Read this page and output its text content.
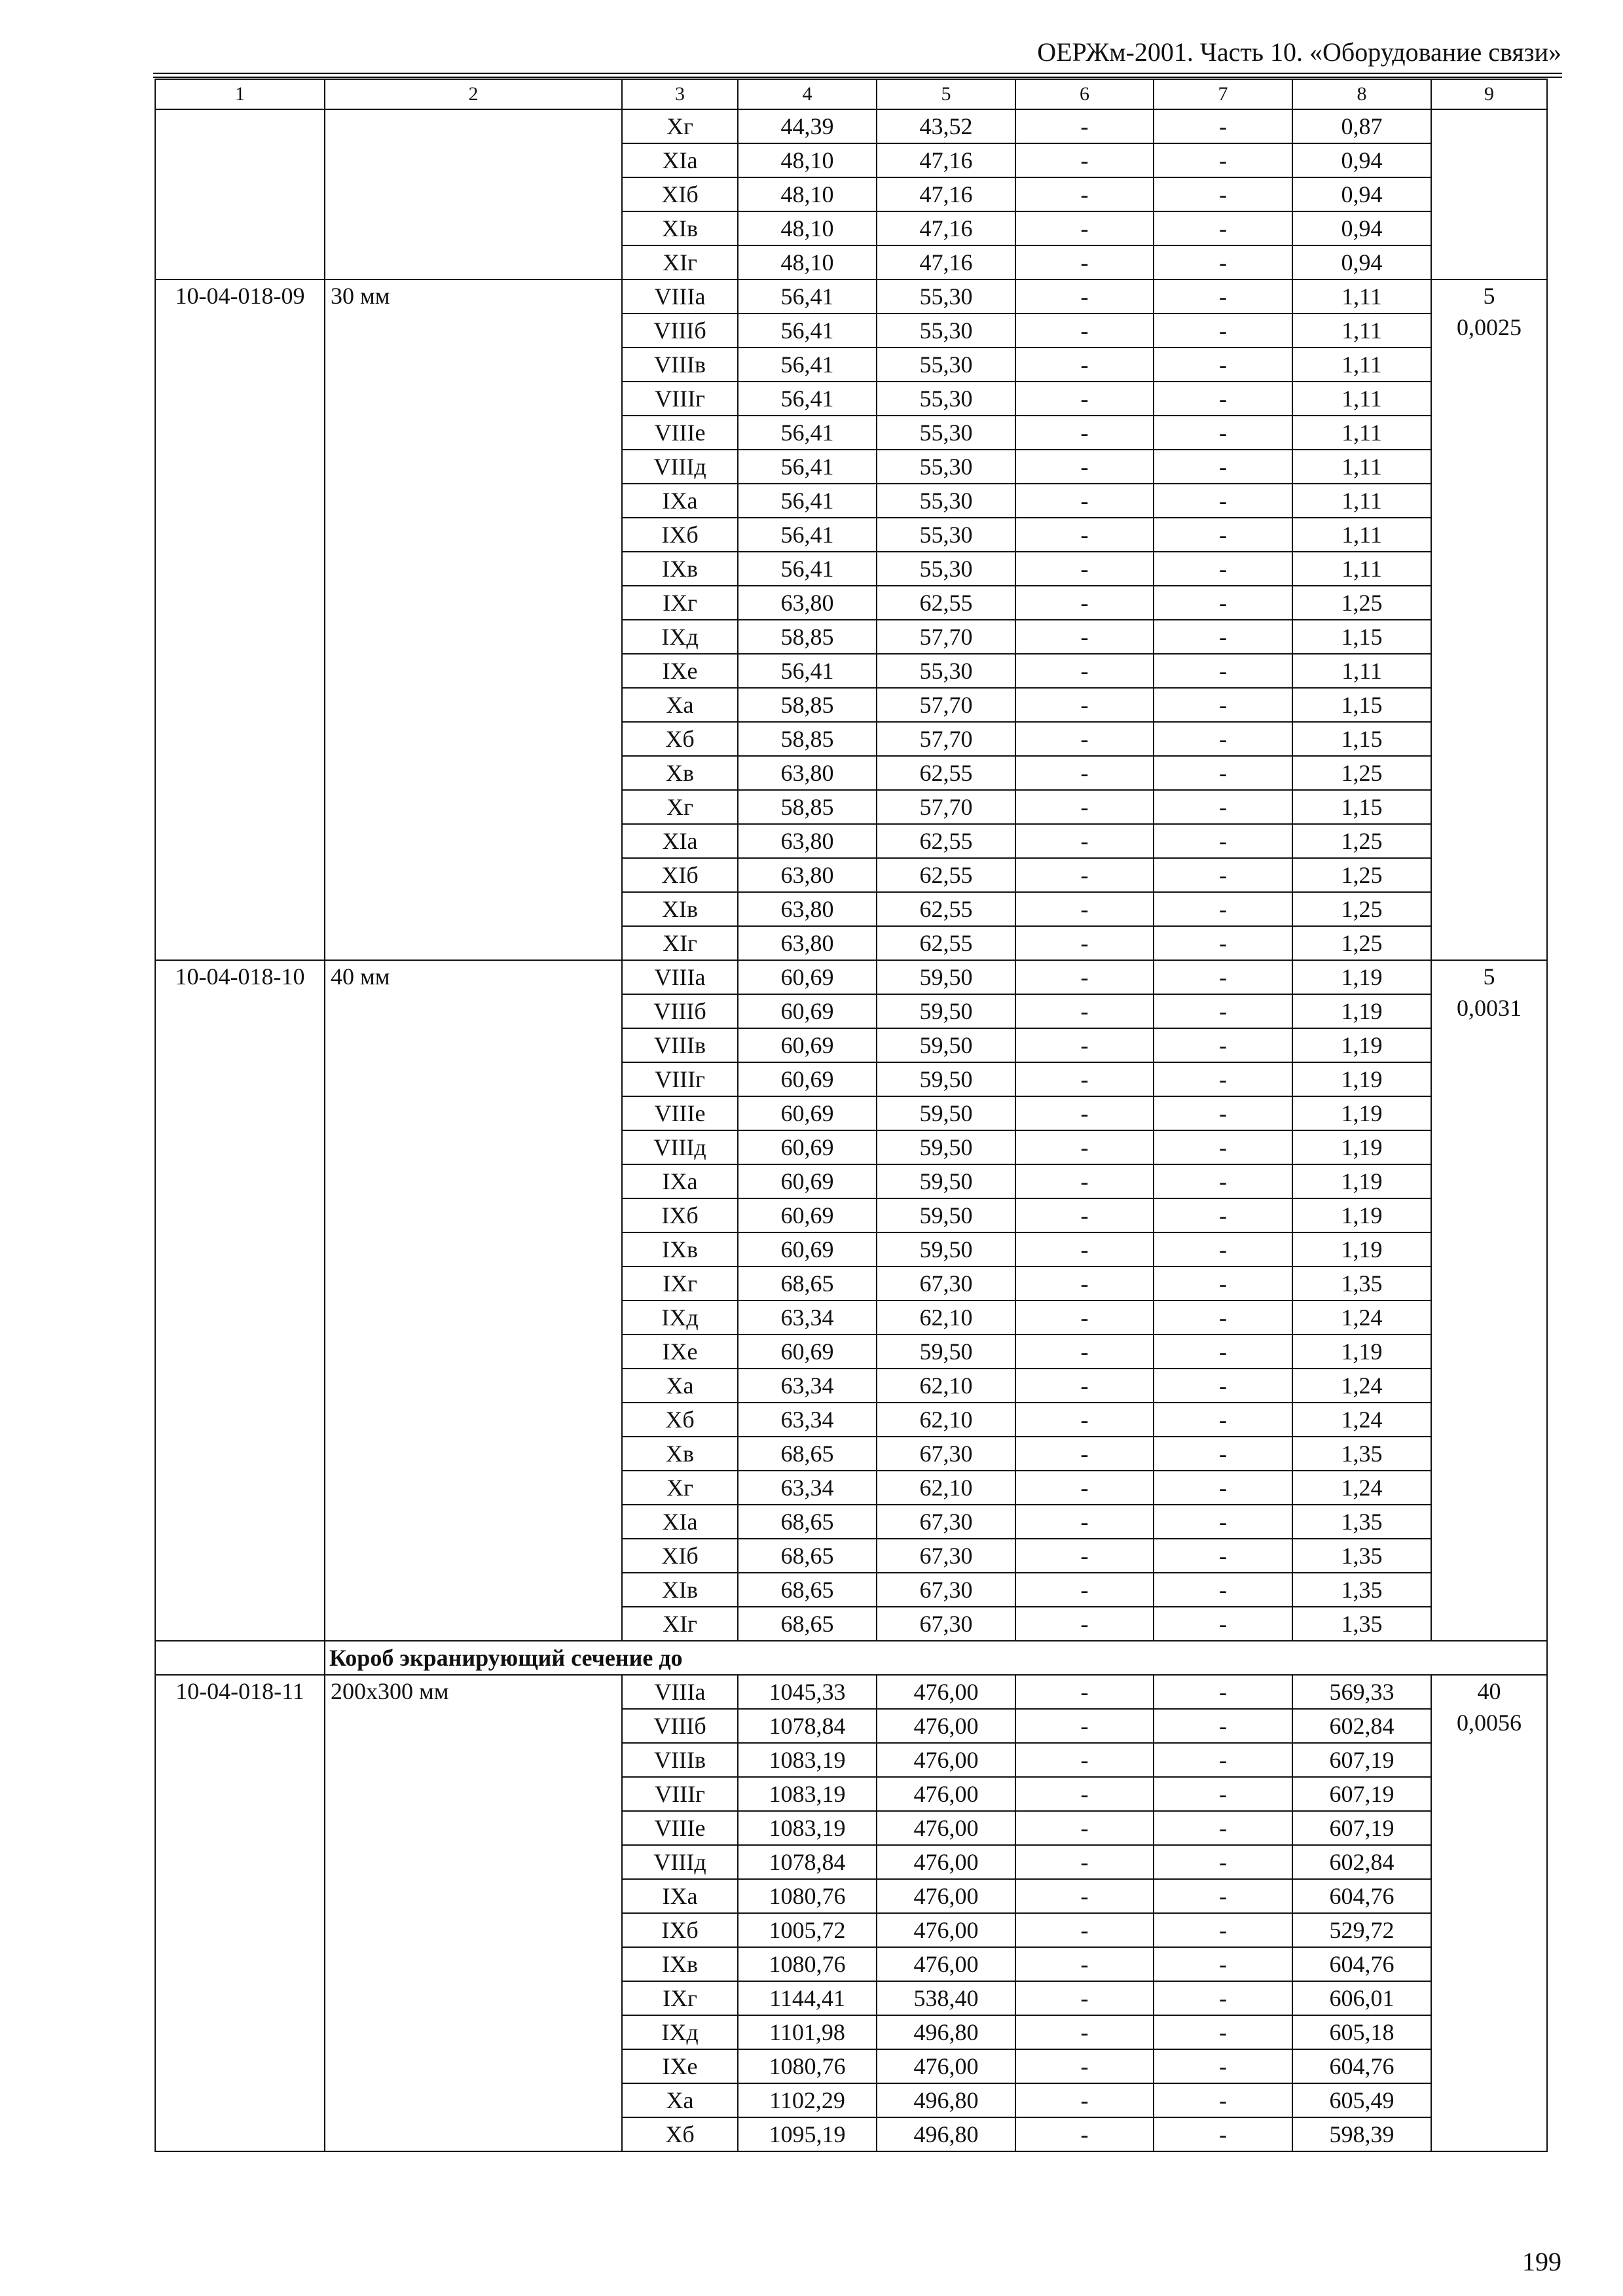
ОЕРЖм-2001. Часть 10. «Оборудование связи»
1	2	3	4	5	6	7	8	9
		Xг	44,39	43,52	-	-	0,87	
		XIа	48,10	47,16	-	-	0,94	
		XIб	48,10	47,16	-	-	0,94	
		XIв	48,10	47,16	-	-	0,94	
		XIг	48,10	47,16	-	-	0,94	
10-04-018-09	30 мм	VIIIа	56,41	55,30	-	-	1,11	5
0,0025

		VIIIб	56,41	55,30	-	-	1,11	
		VIIIв	56,41	55,30	-	-	1,11	
		VIIIг	56,41	55,30	-	-	1,11	
		VIIIе	56,41	55,30	-	-	1,11	
		VIIIд	56,41	55,30	-	-	1,11	
		IXа	56,41	55,30	-	-	1,11	
		IXб	56,41	55,30	-	-	1,11	
		IXв	56,41	55,30	-	-	1,11	
		IXг	63,80	62,55	-	-	1,25	
		IXд	58,85	57,70	-	-	1,15	
		IXе	56,41	55,30	-	-	1,11	
		Xа	58,85	57,70	-	-	1,15	
		Xб	58,85	57,70	-	-	1,15	
		Xв	63,80	62,55	-	-	1,25	
		Xг	58,85	57,70	-	-	1,15	
		XIа	63,80	62,55	-	-	1,25	
		XIб	63,80	62,55	-	-	1,25	
		XIв	63,80	62,55	-	-	1,25	
		XIг	63,80	62,55	-	-	1,25	
10-04-018-10	40 мм	VIIIа	60,69	59,50	-	-	1,19	5
0,0031

		VIIIб	60,69	59,50	-	-	1,19	
		VIIIв	60,69	59,50	-	-	1,19	
		VIIIг	60,69	59,50	-	-	1,19	
		VIIIе	60,69	59,50	-	-	1,19	
		VIIIд	60,69	59,50	-	-	1,19	
		IXа	60,69	59,50	-	-	1,19	
		IXб	60,69	59,50	-	-	1,19	
		IXв	60,69	59,50	-	-	1,19	
		IXг	68,65	67,30	-	-	1,35	
		IXд	63,34	62,10	-	-	1,24	
		IXе	60,69	59,50	-	-	1,19	
		Xа	63,34	62,10	-	-	1,24	
		Xб	63,34	62,10	-	-	1,24	
		Xв	68,65	67,30	-	-	1,35	
		Xг	63,34	62,10	-	-	1,24	
		XIа	68,65	67,30	-	-	1,35	
		XIб	68,65	67,30	-	-	1,35	
		XIв	68,65	67,30	-	-	1,35	
		XIг	68,65	67,30	-	-	1,35	
	Короб экранирующий сечение до							
10-04-018-11	200х300 мм	VIIIа	1045,33	476,00	-	-	569,33	40
0,0056

		VIIIб	1078,84	476,00	-	-	602,84	
		VIIIв	1083,19	476,00	-	-	607,19	
		VIIIг	1083,19	476,00	-	-	607,19	
		VIIIе	1083,19	476,00	-	-	607,19	
		VIIIд	1078,84	476,00	-	-	602,84	
		IXа	1080,76	476,00	-	-	604,76	
		IXб	1005,72	476,00	-	-	529,72	
		IXв	1080,76	476,00	-	-	604,76	
		IXг	1144,41	538,40	-	-	606,01	
		IXд	1101,98	496,80	-	-	605,18	
		IXе	1080,76	476,00	-	-	604,76	
		Xа	1102,29	496,80	-	-	605,49	
		Xб	1095,19	496,80	-	-	598,39	
199
